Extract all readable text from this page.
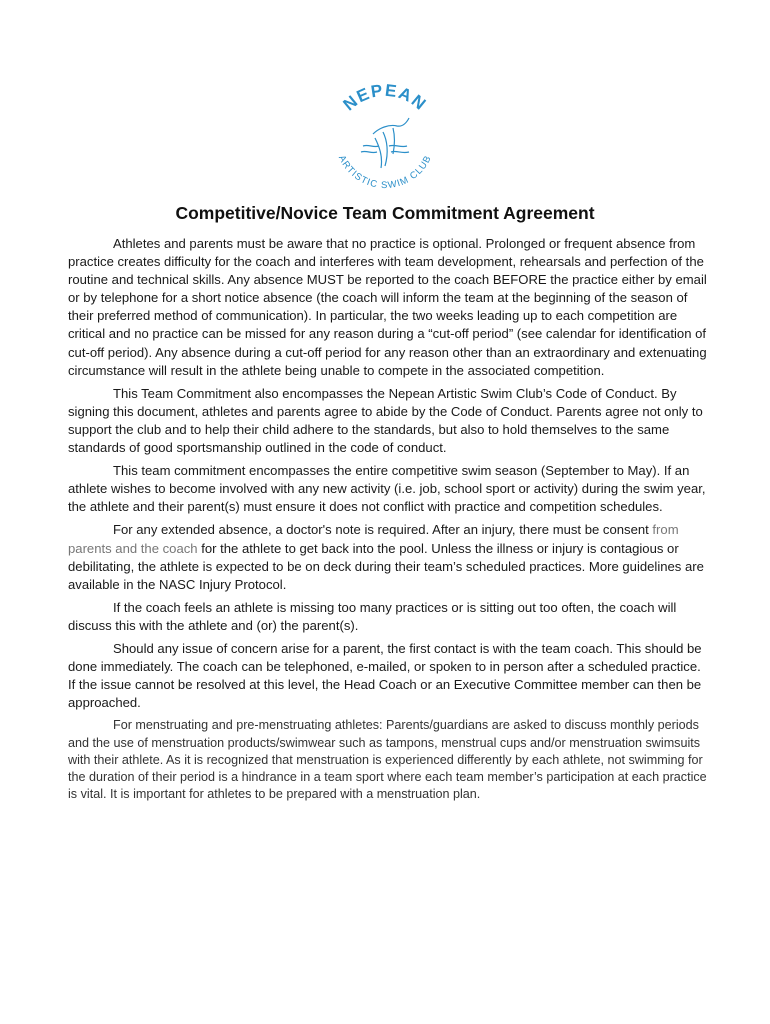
NEPEAN
ARTISTIC SWIM CLUB
Competitive/Novice Team Commitment Agreement

Athletes and parents must be aware that no practice is optional. Prolonged or frequent absence from practice creates difficulty for the coach and interferes with team development, rehearsals and perfection of the routine and technical skills. Any absence MUST be reported to the coach BEFORE the practice either by email or by telephone for a short notice absence (the coach will inform the team at the beginning of the season of their preferred method of communication). In particular, the two weeks leading up to each competition are critical and no practice can be missed for any reason during a “cut-off period” (see calendar for identification of cut-off period). Any absence during a cut-off period for any reason other than an extraordinary and extenuating circumstance will result in the athlete being unable to compete in the associated competition.

This Team Commitment also encompasses the Nepean Artistic Swim Club’s Code of Conduct. By signing this document, athletes and parents agree to abide by the Code of Conduct. Parents agree not only to support the club and to help their child adhere to the standards, but also to hold themselves to the same standards of good sportsmanship outlined in the code of conduct.

This team commitment encompasses the entire competitive swim season (September to May). If an athlete wishes to become involved with any new activity (i.e. job, school sport or activity) during the swim year, the athlete and their parent(s) must ensure it does not conflict with practice and competition schedules.

For any extended absence, a doctor's note is required. After an injury, there must be consent from parents and the coach for the athlete to get back into the pool. Unless the illness or injury is contagious or debilitating, the athlete is expected to be on deck during their team’s scheduled practices. More guidelines are available in the NASC Injury Protocol.

If the coach feels an athlete is missing too many practices or is sitting out too often, the coach will discuss this with the athlete and (or) the parent(s).

Should any issue of concern arise for a parent, the first contact is with the team coach. This should be done immediately. The coach can be telephoned, e-mailed, or spoken to in person after a scheduled practice. If the issue cannot be resolved at this level, the Head Coach or an Executive Committee member can then be approached.

For menstruating and pre-menstruating athletes: Parents/guardians are asked to discuss monthly periods and the use of menstruation products/swimwear such as tampons, menstrual cups and/or menstruation swimsuits with their athlete. As it is recognized that menstruation is experienced differently by each athlete, not swimming for the duration of their period is a hindrance in a team sport where each team member’s participation at each practice is vital. It is important for athletes to be prepared with a menstruation plan.
